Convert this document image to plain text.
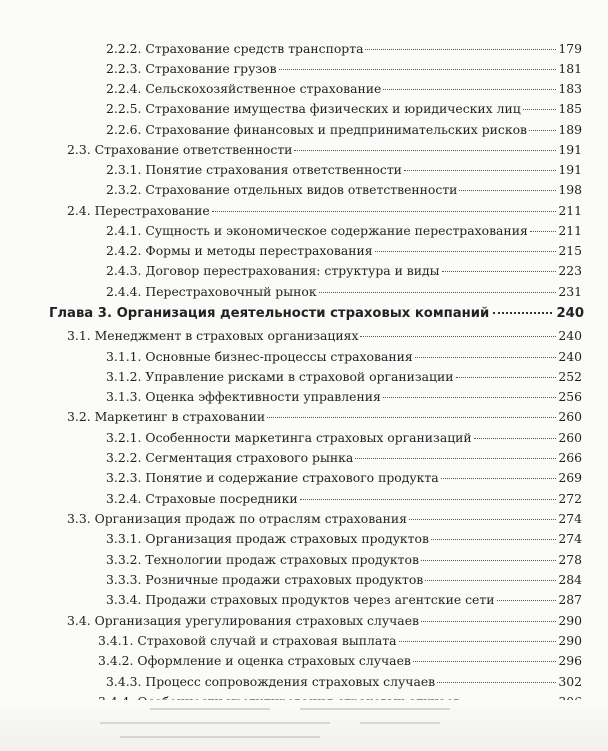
2.2.2. Страхование средств транспорта	179
2.2.3. Страхование грузов	181
2.2.4. Сельскохозяйственное страхование	183
2.2.5. Страхование имущества физических и юридических лиц	185
2.2.6. Страхование финансовых и предпринимательских рисков	189
2.3. Страхование ответственности	191
2.3.1. Понятие страхования ответственности	191
2.3.2. Страхование отдельных видов ответственности	198
2.4. Перестрахование	211
2.4.1. Сущность и экономическое содержание перестрахования 211
2.4.2. Формы и методы перестрахования	215
2.4.3. Договор перестрахования: структура и виды	223
2.4.4. Перестраховочный рынок	231
Глава 3. Организация деятельности страховых компаний	240
3.1. Менеджмент в страховых организациях	240
3.1.1. Основные бизнес-процессы страхования	240
3.1.2. Управление рисками в страховой организации	252
3.1.3. Оценка эффективности управления	256
3.2. Маркетинг в страховании	260
3.2.1. Особенности маркетинга страховых организаций	260
3.2.2. Сегментация страхового рынка	266
3.2.3. Понятие и содержание страхового продукта	269
3.2.4. Страховые посредники	272
3.3. Организация продаж по отраслям страхования	274
3.3.1. Организация продаж страховых продуктов	274
3.3.2. Технологии продаж страховых продуктов	278
3.3.3. Розничные продажи страховых продуктов	284
3.3.4. Продажи страховых продуктов через агентские сети	287
3.4. Организация урегулирования страховых случаев	290
3.4.1. Страховой случай и страховая выплата	290
3.4.2. Оформление и оценка страховых случаев	296
3.4.3. Процесс сопровождения страховых случаев	302
